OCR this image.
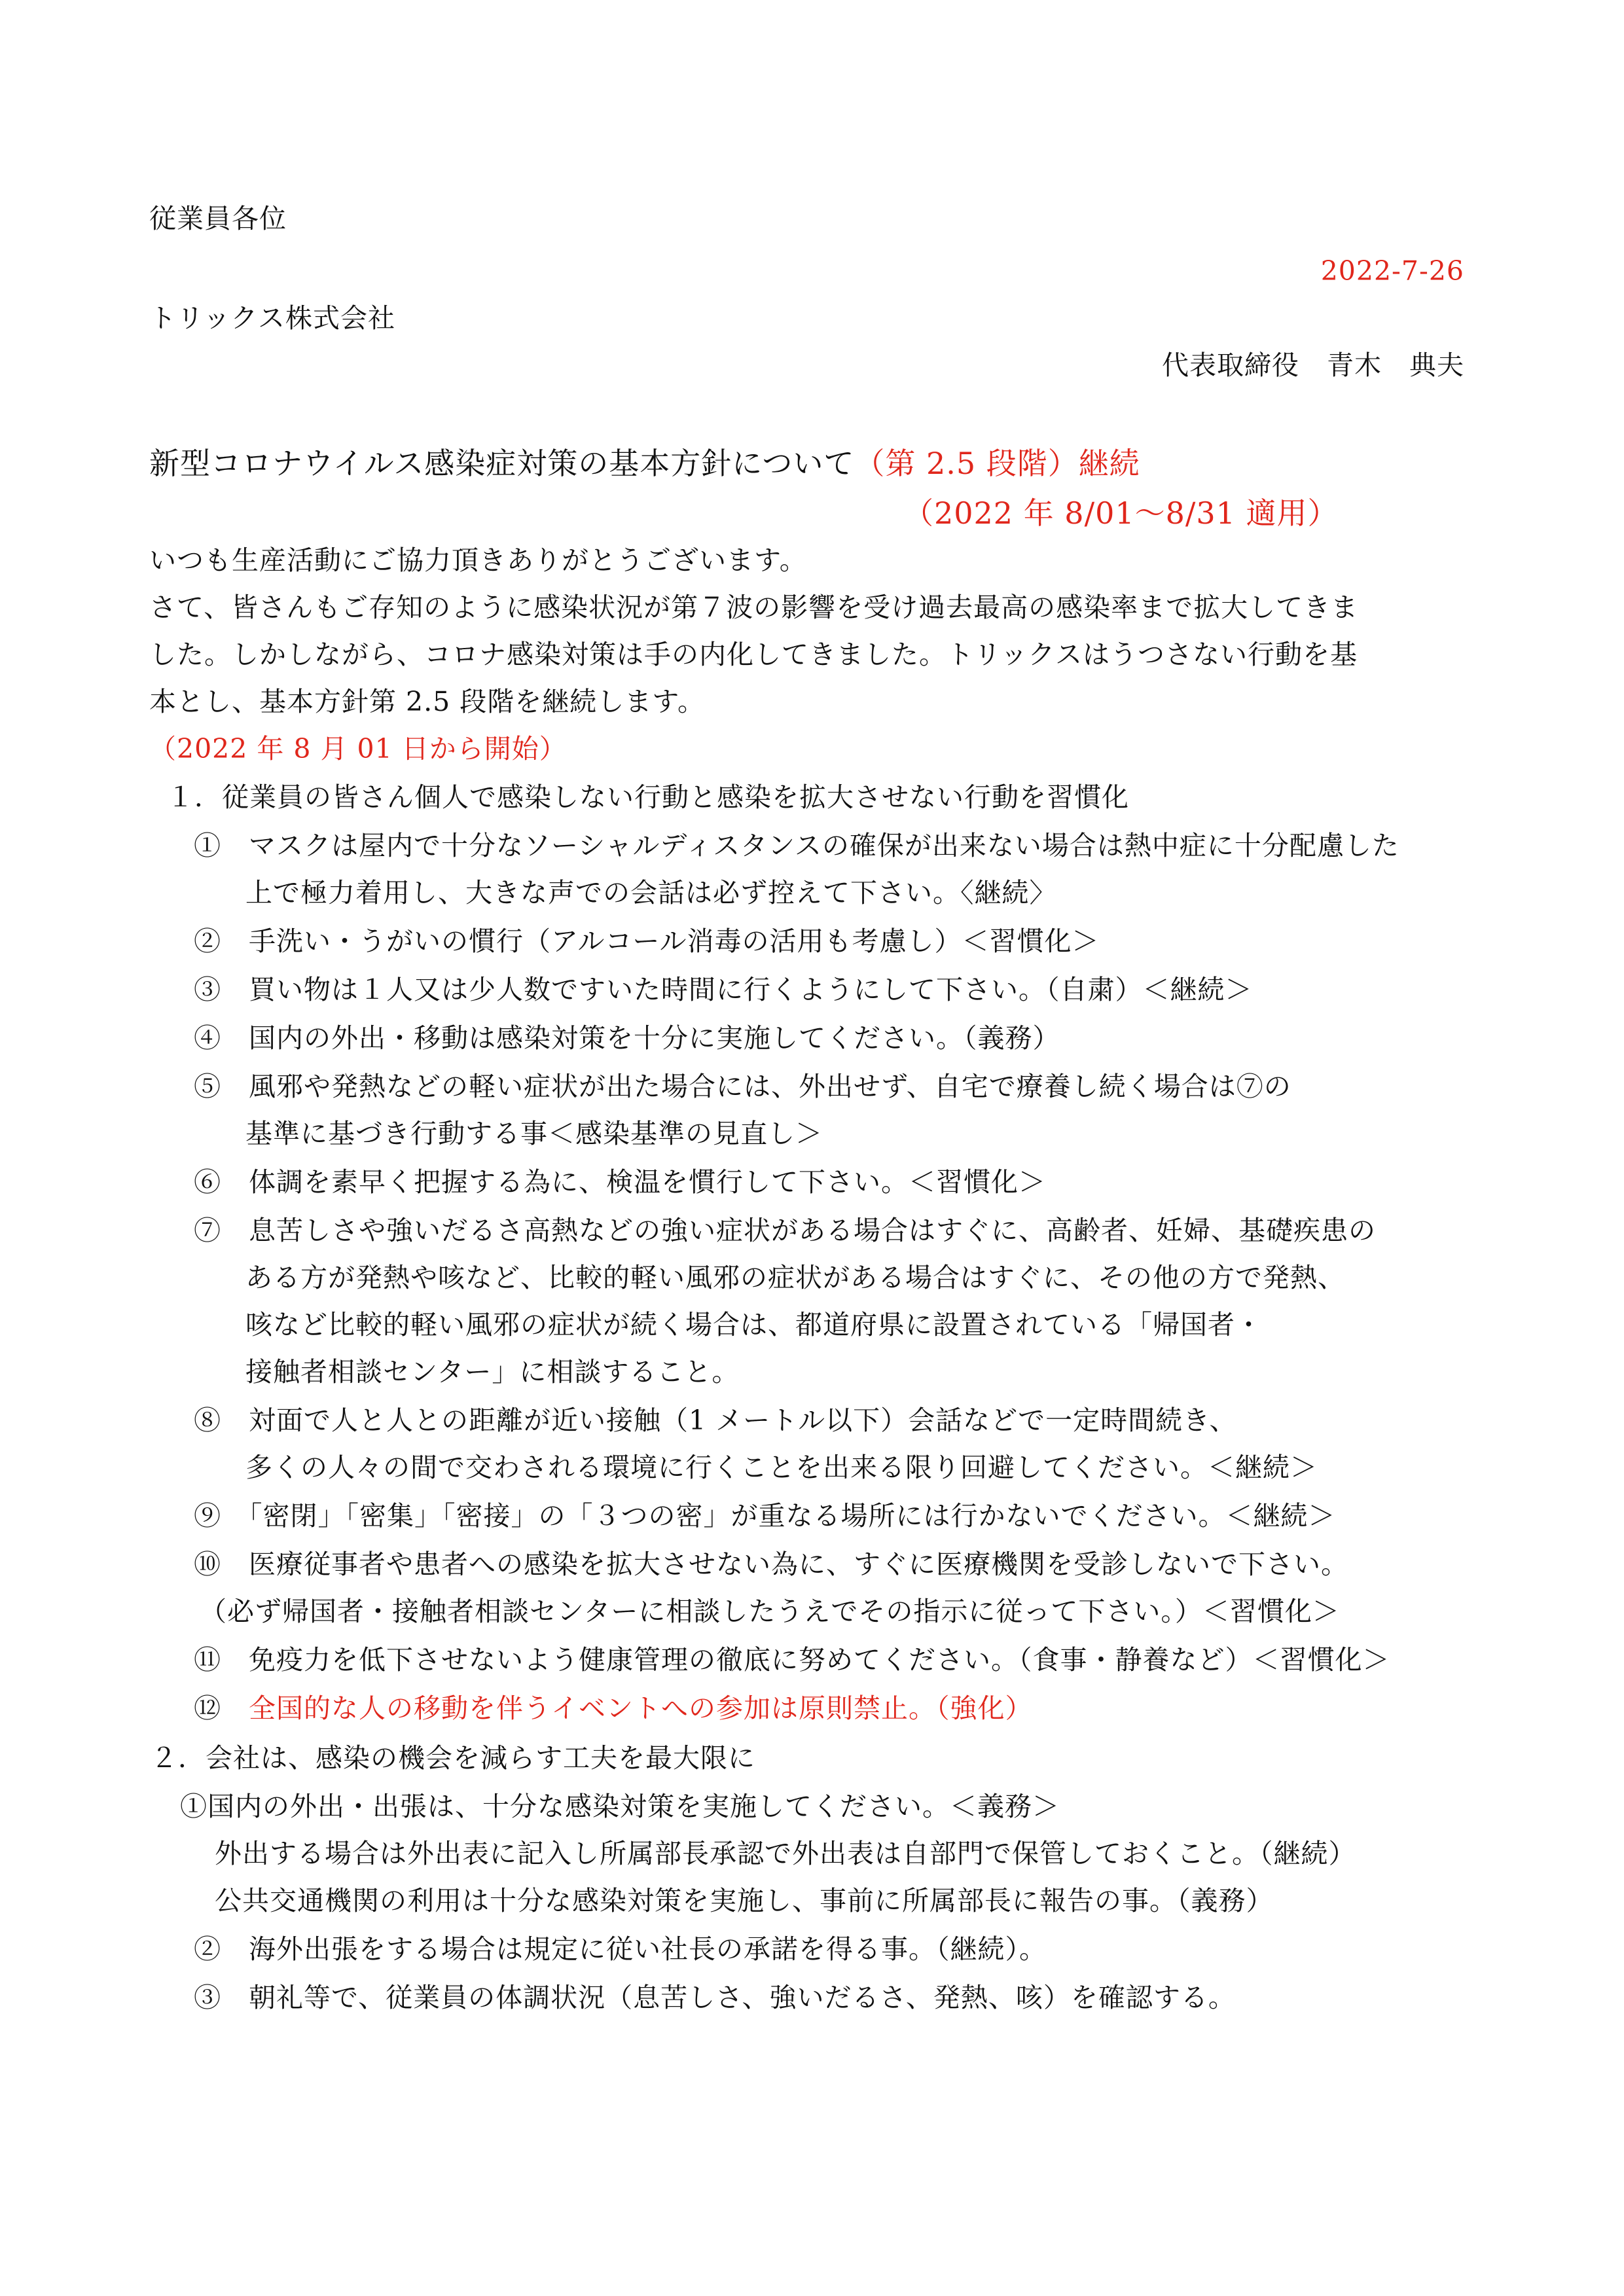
従業員各位
2022-7-26
トリックス株式会社
代表取締役　青木　典夫
新型コロナウイルス感染症対策の基本方針について（第 2.5 段階）継続
（2022 年 8/01～8/31 適用）
いつも生産活動にご協力頂きありがとうございます。
さて、皆さんもご存知のように感染状況が第７波の影響を受け過去最高の感染率まで拡大してきま
した。しかしながら、コロナ感染対策は手の内化してきました。トリックスはうつさない行動を基
本とし、基本方針第 2.5 段階を継続します。
（2022 年 8 月 01 日から開始）
１．従業員の皆さん個人で感染しない行動と感染を拡大させない行動を習慣化
①　マスクは屋内で十分なソーシャルディスタンスの確保が出来ない場合は熱中症に十分配慮した
上で極力着用し、大きな声での会話は必ず控えて下さい。〈継続〉
②　手洗い・うがいの慣行（アルコール消毒の活用も考慮し）＜習慣化＞
③　買い物は１人又は少人数ですいた時間に行くようにして下さい。（自粛）＜継続＞
④　国内の外出・移動は感染対策を十分に実施してください。（義務）
⑤　風邪や発熱などの軽い症状が出た場合には、外出せず、自宅で療養し続く場合は⑦の
基準に基づき行動する事＜感染基準の見直し＞
⑥　体調を素早く把握する為に、検温を慣行して下さい。＜習慣化＞
⑦　息苦しさや強いだるさ高熱などの強い症状がある場合はすぐに、高齢者、妊婦、基礎疾患の
ある方が発熱や咳など、比較的軽い風邪の症状がある場合はすぐに、その他の方で発熱、
咳など比較的軽い風邪の症状が続く場合は、都道府県に設置されている「帰国者・
接触者相談センター」に相談すること。
⑧　対面で人と人との距離が近い接触（1 メートル以下）会話などで一定時間続き、
多くの人々の間で交わされる環境に行くことを出来る限り回避してください。＜継続＞
⑨　「密閉」「密集」「密接」の「３つの密」が重なる場所には行かないでください。＜継続＞
⑩　医療従事者や患者への感染を拡大させない為に、すぐに医療機関を受診しないで下さい。
（必ず帰国者・接触者相談センターに相談したうえでその指示に従って下さい。）＜習慣化＞
⑪　免疫力を低下させないよう健康管理の徹底に努めてください。（食事・静養など）＜習慣化＞
⑫　 全国的な人の移動を伴うイベントへの参加は原則禁止。（強化）
２．会社は、感染の機会を減らす工夫を最大限に
①国内の外出・出張は、十分な感染対策を実施してください。＜義務＞
外出する場合は外出表に記入し所属部長承認で外出表は自部門で保管しておくこと。（継続）
公共交通機関の利用は十分な感染対策を実施し、事前に所属部長に報告の事。（義務）
②　海外出張をする場合は規定に従い社長の承諾を得る事。（継続）。
③　朝礼等で、従業員の体調状況（息苦しさ、強いだるさ、発熱、咳）を確認する。
